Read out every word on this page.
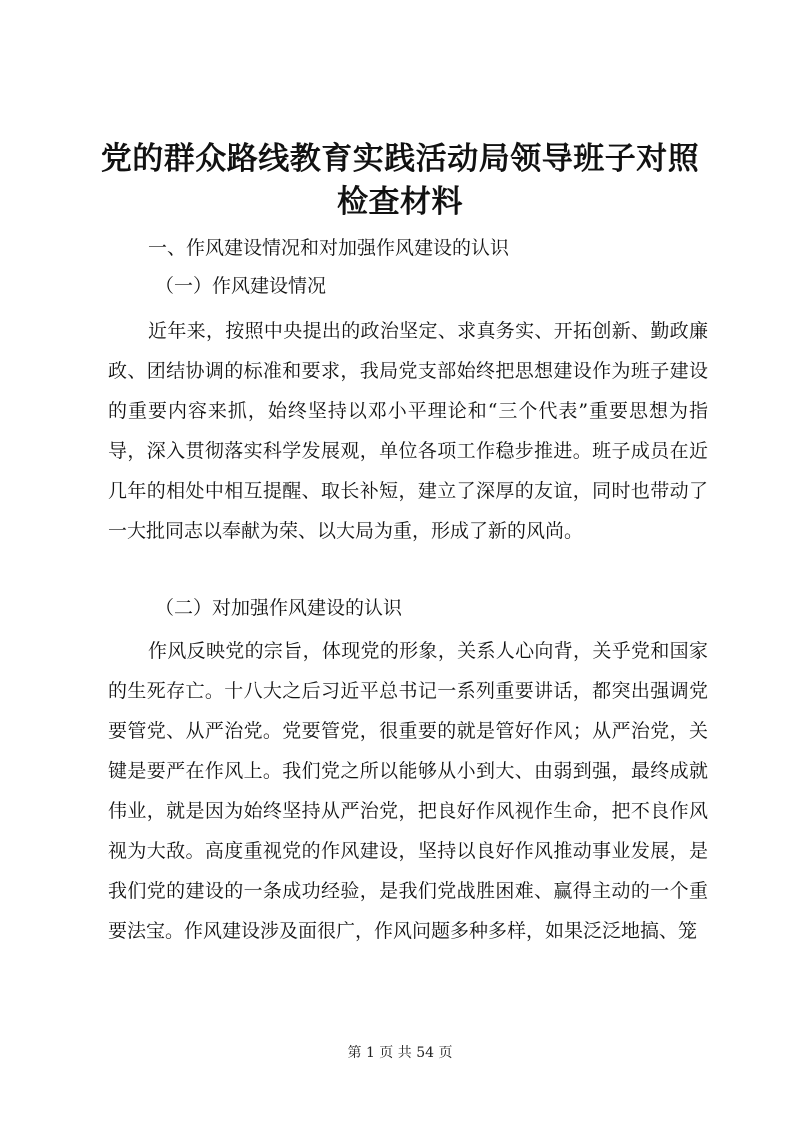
党的群众路线教育实践活动局领导班子对照检查材料
一、作风建设情况和对加强作风建设的认识
（一）作风建设情况

近年来，按照中央提出的政治坚定、求真务实、开拓创新、勤政廉政、团结协调的标准和要求，我局党支部始终把思想建设作为班子建设的重要内容来抓，始终坚持以邓小平理论和“三个代表”重要思想为指导，深入贯彻落实科学发展观，单位各项工作稳步推进。班子成员在近几年的相处中相互提醒、取长补短，建立了深厚的友谊，同时也带动了一大批同志以奉献为荣、以大局为重，形成了新的风尚。

（二）对加强作风建设的认识

作风反映党的宗旨，体现党的形象，关系人心向背，关乎党和国家的生死存亡。十八大之后习近平总书记一系列重要讲话，都突出强调党要管党、从严治党。党要管党，很重要的就是管好作风；从严治党，关键是要严在作风上。我们党之所以能够从小到大、由弱到强，最终成就伟业，就是因为始终坚持从严治党，把良好作风视作生命，把不良作风视为大敌。高度重视党的作风建设，坚持以良好作风推动事业发展，是我们党的建设的一条成功经验，是我们党战胜困难、赢得主动的一个重要法宝。作风建设涉及面很广，作风问题多种多样，如果泛泛地搞、笼

第 1 页 共 54 页
